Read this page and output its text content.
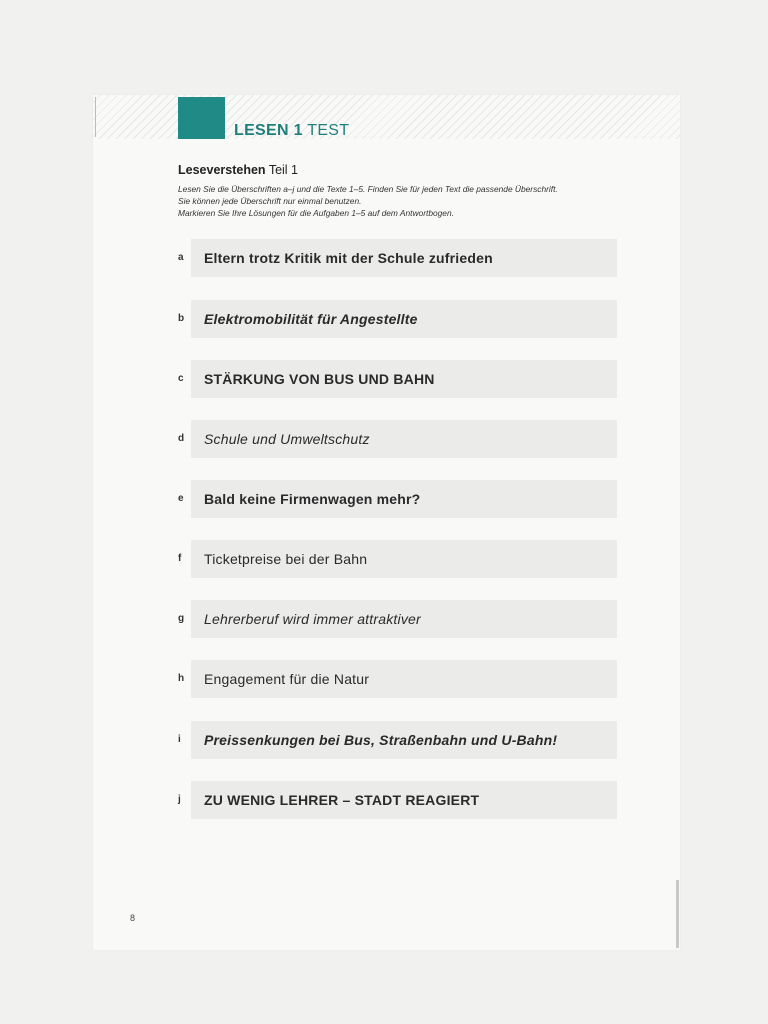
LESEN 1 TEST
Leseverstehen Teil 1
Lesen Sie die Überschriften a–j und die Texte 1–5. Finden Sie für jeden Text die passende Überschrift.
Sie können jede Überschrift nur einmal benutzen.
Markieren Sie Ihre Lösungen für die Aufgaben 1–5 auf dem Antwortbogen.
a	Eltern trotz Kritik mit der Schule zufrieden
b	Elektromobilität für Angestellte
c	STÄRKUNG VON BUS UND BAHN
d	Schule und Umweltschutz
e	Bald keine Firmenwagen mehr?
f	Ticketpreise bei der Bahn
g	Lehrerberuf wird immer attraktiver
h	Engagement für die Natur
i	Preissenkungen bei Bus, Straßenbahn und U-Bahn!
j	ZU WENIG LEHRER – STADT REAGIERT
8
